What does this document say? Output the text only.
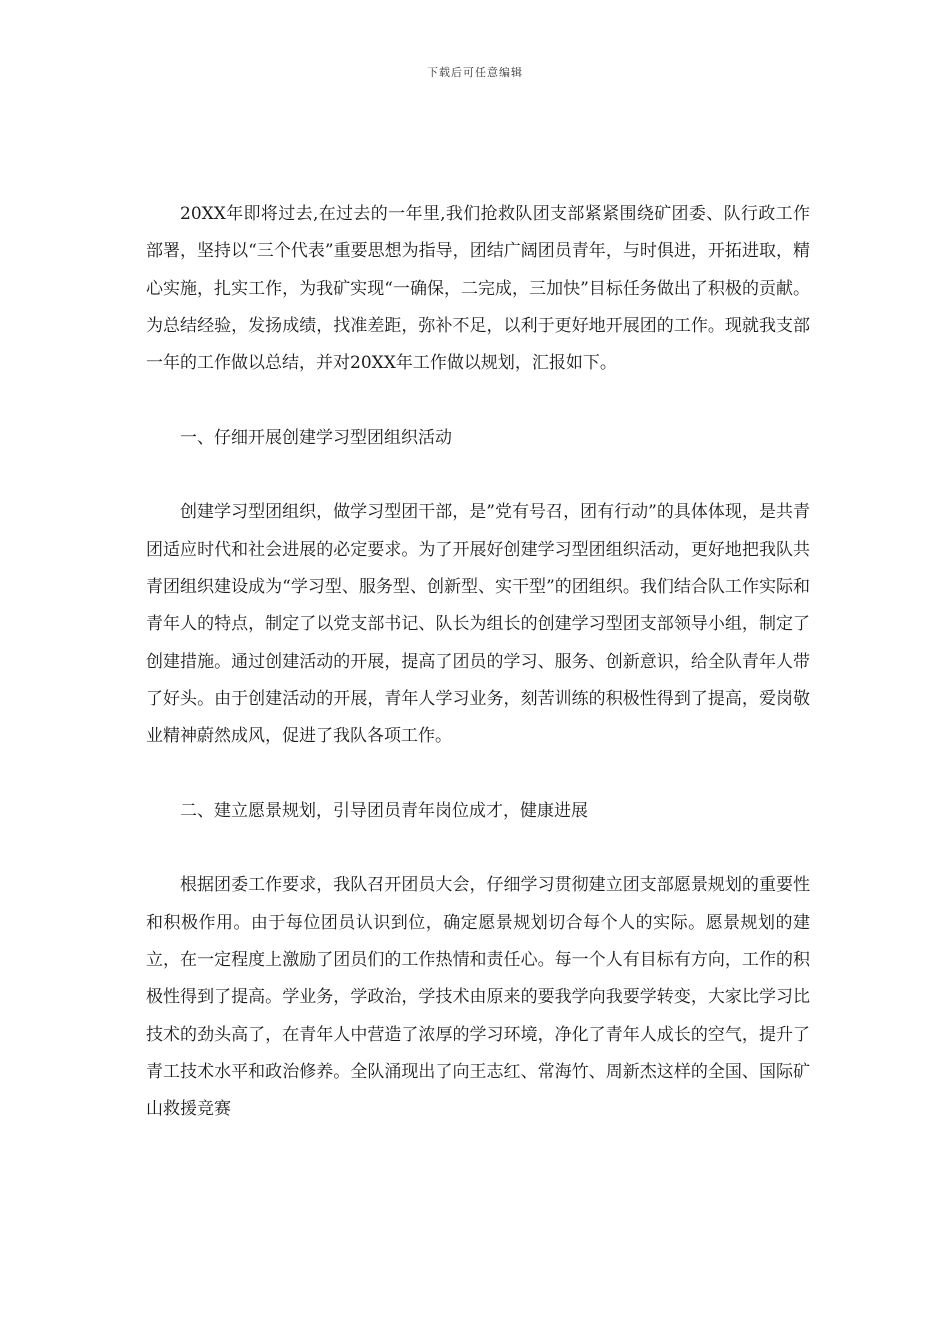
下载后可任意编辑

20XX年即将过去,在过去的一年里,我们抢救队团支部紧紧围绕矿团委、队行政工作部署，坚持以“三个代表”重要思想为指导，团结广阔团员青年，与时俱进，开拓进取，精心实施，扎实工作，为我矿实现“一确保，二完成，三加快”目标任务做出了积极的贡献。为总结经验，发扬成绩，找准差距，弥补不足，以利于更好地开展团的工作。现就我支部一年的工作做以总结，并对20XX年工作做以规划，汇报如下。

一、仔细开展创建学习型团组织活动

创建学习型团组织，做学习型团干部，是”党有号召，团有行动”的具体体现，是共青团适应时代和社会进展的必定要求。为了开展好创建学习型团组织活动，更好地把我队共青团组织建设成为“学习型、服务型、创新型、实干型”的团组织。我们结合队工作实际和青年人的特点，制定了以党支部书记、队长为组长的创建学习型团支部领导小组，制定了创建措施。通过创建活动的开展，提高了团员的学习、服务、创新意识，给全队青年人带了好头。由于创建活动的开展，青年人学习业务，刻苦训练的积极性得到了提高，爱岗敬业精神蔚然成风，促进了我队各项工作。

二、建立愿景规划，引导团员青年岗位成才，健康进展

根据团委工作要求，我队召开团员大会，仔细学习贯彻建立团支部愿景规划的重要性和积极作用。由于每位团员认识到位，确定愿景规划切合每个人的实际。愿景规划的建立，在一定程度上激励了团员们的工作热情和责任心。每一个人有目标有方向，工作的积极性得到了提高。学业务，学政治，学技术由原来的要我学向我要学转变，大家比学习比技术的劲头高了，在青年人中营造了浓厚的学习环境，净化了青年人成长的空气，提升了青工技术水平和政治修养。全队涌现出了向王志红、常海竹、周新杰这样的全国、国际矿山救援竞赛
